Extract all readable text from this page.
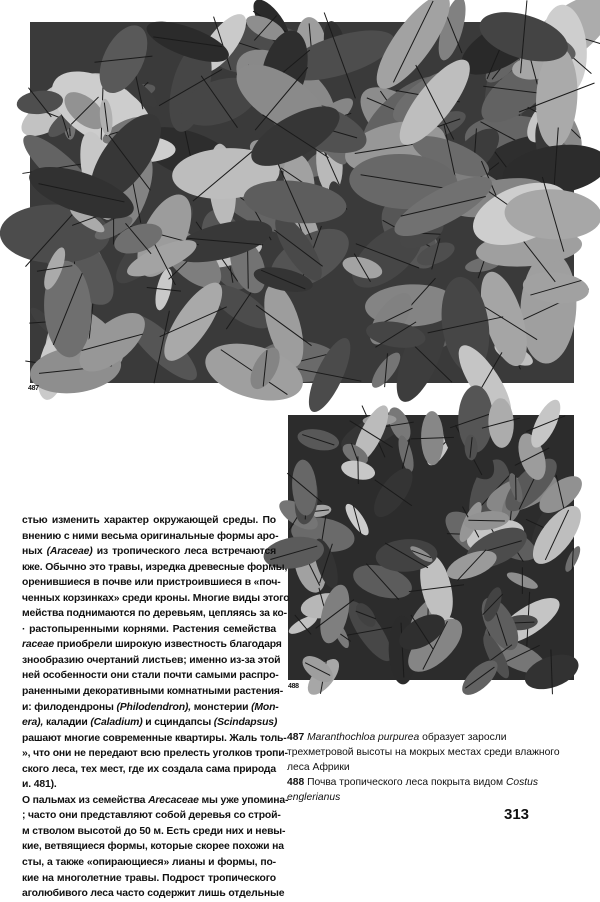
487
488
стью изменить характер окружающей среды. По
внению с ними весьма оригинальные формы аро-
ных (Araceae) из тропического леса встречаются
кже. Обычно это травы, изредка древесные формы,
оренившиеся в почве или пристроившиеся в «поч-
ченных корзинках» среди кроны. Многие виды этого
мейства поднимаются по деревьям, цепляясь за ко-
· растопыренными корнями. Растения семейства
raceae приобрели широкую известность благодаря
знообразию очертаний листьев; именно из-за этой
ней особенности они стали почти самыми распро-
раненными декоративными комнатными растения-
и: филодендроны (Philodendron), монстерии (Mon-
era), каладии (Caladium) и сциндапсы (Scindapsus)
рашают многие современные квартиры. Жаль толь-
», что они не передают всю прелесть уголков тропи-
ского леса, тех мест, где их создала сама природа
и. 481).
О пальмах из семейства Arecaceae мы уже упомина-
; часто они представляют собой деревья со строй-
м стволом высотой до 50 м. Есть среди них и невы-
кие, ветвящиеся формы, которые скорее похожи на
сты, а также «опирающиеся» лианы и формы, по-
кие на многолетние травы. Подрост тропического
аголюбивого леса часто содержит лишь отдельные
487 Maranthochloa purpurea образует заросли трехметровой высоты на мокрых местах среди влажного леса Африки
488 Почва тропического леса покрыта видом Costus englerianus
313
